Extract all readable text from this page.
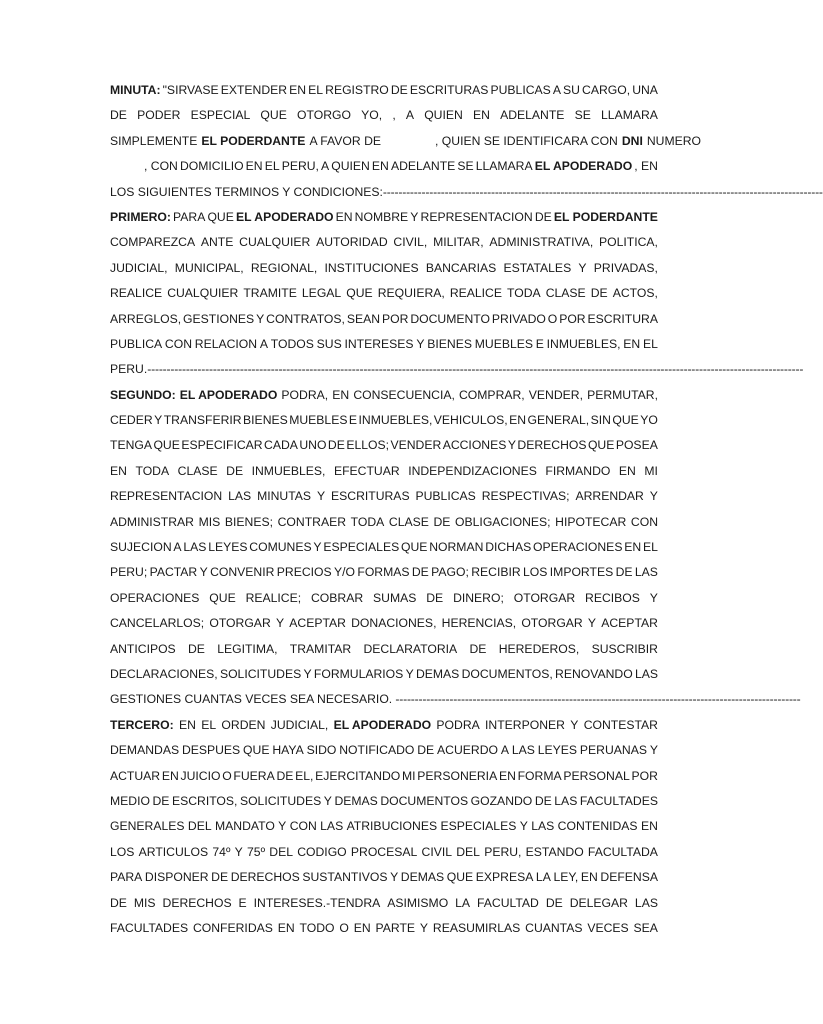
MINUTA: "SIRVASE EXTENDER EN EL REGISTRO DE ESCRITURAS PUBLICAS A SU CARGO, UNA
DE PODER ESPECIAL QUE OTORGO YO, , A QUIEN EN ADELANTE SE LLAMARA
SIMPLEMENTE EL PODERDANTE A FAVOR DE	, QUIEN SE IDENTIFICARA CON DNI NUMERO
, CON DOMICILIO EN EL PERU, A QUIEN EN ADELANTE SE LLAMARA EL APODERADO , EN
LOS SIGUIENTES TERMINOS Y CONDICIONES: ------------------------------------------------------------------------------------------------------------------
PRIMERO: PARA QUE EL APODERADO EN NOMBRE Y REPRESENTACION DE EL PODERDANTE
COMPAREZCA ANTE CUALQUIER AUTORIDAD CIVIL, MILITAR, ADMINISTRATIVA, POLITICA,
JUDICIAL, MUNICIPAL, REGIONAL, INSTITUCIONES BANCARIAS ESTATALES Y PRIVADAS,
REALICE CUALQUIER TRAMITE LEGAL QUE REQUIERA, REALICE TODA CLASE DE ACTOS,
ARREGLOS, GESTIONES Y CONTRATOS, SEAN POR DOCUMENTO PRIVADO O POR ESCRITURA
PUBLICA CON RELACION A TODOS SUS INTERESES Y BIENES MUEBLES E INMUEBLES, EN EL
PERU. --------------------------------------------------------------------------------------------------------------------------------------------------------------------------
SEGUNDO: EL APODERADO PODRA, EN CONSECUENCIA, COMPRAR, VENDER, PERMUTAR,
CEDER Y TRANSFERIR BIENES MUEBLES E INMUEBLES, VEHICULOS, EN GENERAL, SIN QUE YO
TENGA QUE ESPECIFICAR CADA UNO DE ELLOS; VENDER ACCIONES Y DERECHOS QUE POSEA
EN TODA CLASE DE INMUEBLES, EFECTUAR INDEPENDIZACIONES FIRMANDO EN MI
REPRESENTACION LAS MINUTAS Y ESCRITURAS PUBLICAS RESPECTIVAS; ARRENDAR Y
ADMINISTRAR MIS BIENES; CONTRAER TODA CLASE DE OBLIGACIONES; HIPOTECAR CON
SUJECION A LAS LEYES COMUNES Y ESPECIALES QUE NORMAN DICHAS OPERACIONES EN EL
PERU; PACTAR Y CONVENIR PRECIOS Y/O FORMAS DE PAGO; RECIBIR LOS IMPORTES DE LAS
OPERACIONES QUE REALICE; COBRAR SUMAS DE DINERO; OTORGAR RECIBOS Y
CANCELARLOS; OTORGAR Y ACEPTAR DONACIONES, HERENCIAS, OTORGAR Y ACEPTAR
ANTICIPOS DE LEGITIMA, TRAMITAR DECLARATORIA DE HEREDEROS, SUSCRIBIR
DECLARACIONES, SOLICITUDES Y FORMULARIOS Y DEMAS DOCUMENTOS, RENOVANDO LAS
GESTIONES CUANTAS VECES SEA NECESARIO. ---------------------------------------------------------------------------------------------------------
TERCERO: EN EL ORDEN JUDICIAL, EL APODERADO PODRA INTERPONER Y CONTESTAR
DEMANDAS DESPUES QUE HAYA SIDO NOTIFICADO DE ACUERDO A LAS LEYES PERUANAS Y
ACTUAR EN JUICIO O FUERA DE EL, EJERCITANDO MI PERSONERIA EN FORMA PERSONAL POR
MEDIO DE ESCRITOS, SOLICITUDES Y DEMAS DOCUMENTOS GOZANDO DE LAS FACULTADES
GENERALES DEL MANDATO Y CON LAS ATRIBUCIONES ESPECIALES Y LAS CONTENIDAS EN
LOS ARTICULOS 74º Y 75º DEL CODIGO PROCESAL CIVIL DEL PERU, ESTANDO FACULTADA
PARA DISPONER DE DERECHOS SUSTANTIVOS Y DEMAS QUE EXPRESA LA LEY, EN DEFENSA
DE MIS DERECHOS E INTERESES.-TENDRA ASIMISMO LA FACULTAD DE DELEGAR LAS
FACULTADES CONFERIDAS EN TODO O EN PARTE Y REASUMIRLAS CUANTAS VECES SEA
